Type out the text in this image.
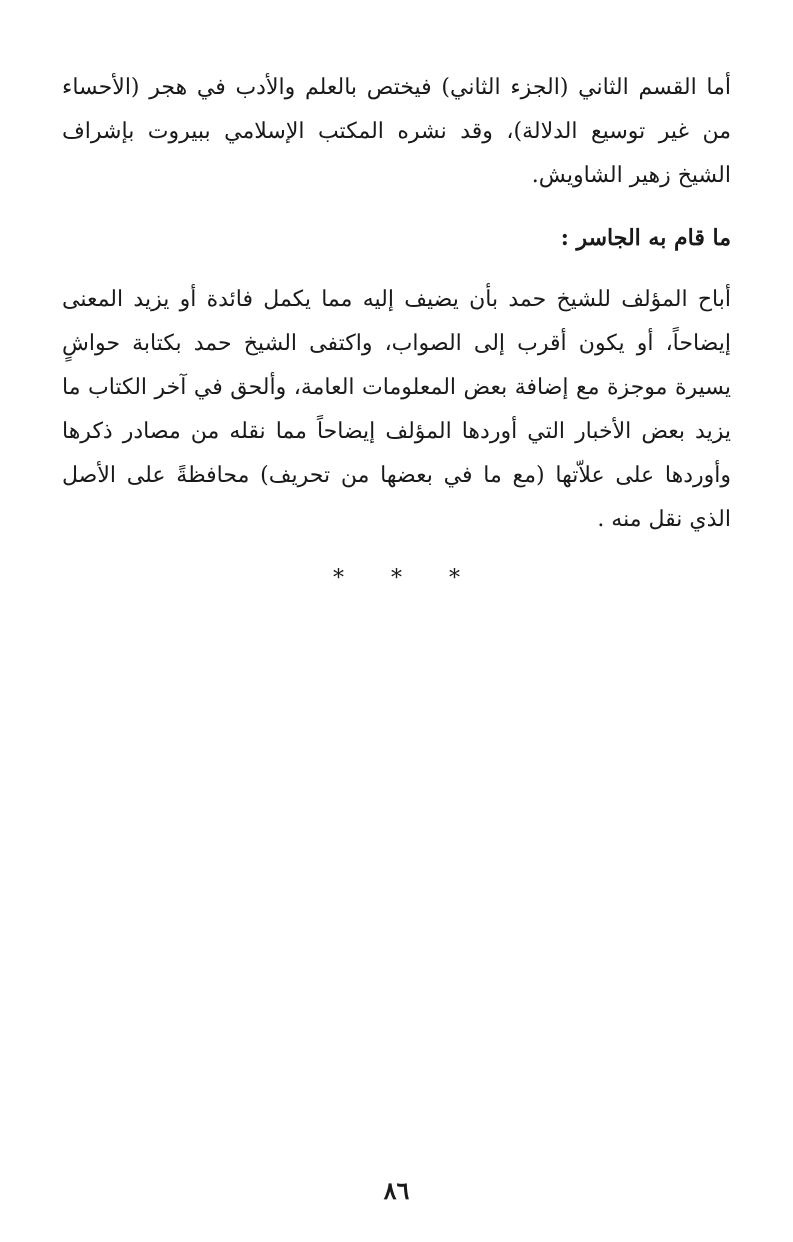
أما القسم الثاني (الجزء الثاني) فيختص بالعلم والأدب في هجر (الأحساء من غير توسيع الدلالة)، وقد نشره المكتب الإسلامي ببيروت بإشراف الشيخ زهير الشاويش.

ما قام به الجاسر :

أباح المؤلف للشيخ حمد بأن يضيف إليه مما يكمل فائدة أو يزيد المعنى إيضاحاً، أو يكون أقرب إلى الصواب، واكتفى الشيخ حمد بكتابة حواشٍ يسيرة موجزة مع إضافة بعض المعلومات العامة، وألحق في آخر الكتاب ما يزيد بعض الأخبار التي أوردها المؤلف إيضاحاً مما نقله من مصادر ذكرها وأوردها على علاّتها (مع ما في بعضها من تحريف) محافظةً على الأصل الذي نقل منه .

* * *
٨٦
